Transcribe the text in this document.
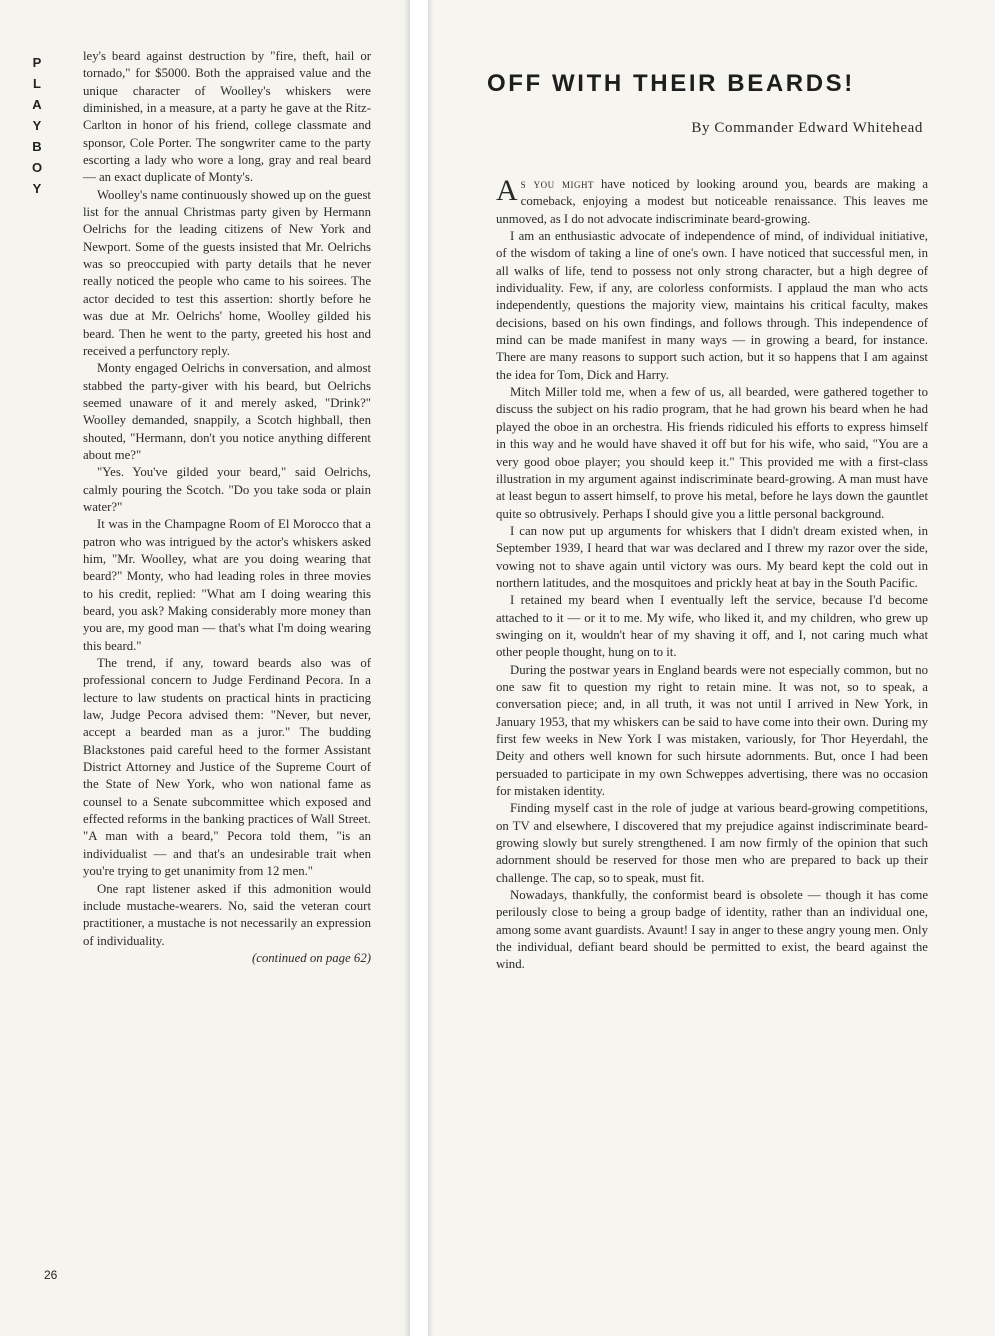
P
L
A
Y
B
O
Y

ley's beard against destruction by "fire, theft, hail or tornado," for $5000. Both the appraised value and the unique character of Woolley's whiskers were diminished, in a measure, at a party he gave at the Ritz-Carlton in honor of his friend, college classmate and sponsor, Cole Porter. The songwriter came to the party escorting a lady who wore a long, gray and real beard — an exact duplicate of Monty's.

Woolley's name continuously showed up on the guest list for the annual Christmas party given by Hermann Oelrichs for the leading citizens of New York and Newport. Some of the guests insisted that Mr. Oelrichs was so preoccupied with party details that he never really noticed the people who came to his soirees. The actor decided to test this assertion: shortly before he was due at Mr. Oelrichs' home, Woolley gilded his beard. Then he went to the party, greeted his host and received a perfunctory reply.

Monty engaged Oelrichs in conversation, and almost stabbed the party-giver with his beard, but Oelrichs seemed unaware of it and merely asked, "Drink?" Woolley demanded, snappily, a Scotch highball, then shouted, "Hermann, don't you notice anything different about me?"

"Yes. You've gilded your beard," said Oelrichs, calmly pouring the Scotch. "Do you take soda or plain water?"

It was in the Champagne Room of El Morocco that a patron who was intrigued by the actor's whiskers asked him, "Mr. Woolley, what are you doing wearing that beard?" Monty, who had leading roles in three movies to his credit, replied: "What am I doing wearing this beard, you ask? Making considerably more money than you are, my good man — that's what I'm doing wearing this beard."

The trend, if any, toward beards also was of professional concern to Judge Ferdinand Pecora. In a lecture to law students on practical hints in practicing law, Judge Pecora advised them: "Never, but never, accept a bearded man as a juror." The budding Blackstones paid careful heed to the former Assistant District Attorney and Justice of the Supreme Court of the State of New York, who won national fame as counsel to a Senate subcommittee which exposed and effected reforms in the banking practices of Wall Street. "A man with a beard," Pecora told them, "is an individualist — and that's an undesirable trait when you're trying to get unanimity from 12 men."

One rapt listener asked if this admonition would include mustache-wearers. No, said the veteran court practitioner, a mustache is not necessarily an expression of individuality.

(continued on page 62)

26
OFF WITH THEIR BEARDS!
By Commander Edward Whitehead

As you might have noticed by looking around you, beards are making a comeback, enjoying a modest but noticeable renaissance. This leaves me unmoved, as I do not advocate indiscriminate beard-growing.

I am an enthusiastic advocate of independence of mind, of individual initiative, of the wisdom of taking a line of one's own. I have noticed that successful men, in all walks of life, tend to possess not only strong character, but a high degree of individuality. Few, if any, are colorless conformists. I applaud the man who acts independently, questions the majority view, maintains his critical faculty, makes decisions, based on his own findings, and follows through. This independence of mind can be made manifest in many ways — in growing a beard, for instance. There are many reasons to support such action, but it so happens that I am against the idea for Tom, Dick and Harry.

Mitch Miller told me, when a few of us, all bearded, were gathered together to discuss the subject on his radio program, that he had grown his beard when he had played the oboe in an orchestra. His friends ridiculed his efforts to express himself in this way and he would have shaved it off but for his wife, who said, "You are a very good oboe player; you should keep it." This provided me with a first-class illustration in my argument against indiscriminate beard-growing. A man must have at least begun to assert himself, to prove his metal, before he lays down the gauntlet quite so obtrusively. Perhaps I should give you a little personal background.

I can now put up arguments for whiskers that I didn't dream existed when, in September 1939, I heard that war was declared and I threw my razor over the side, vowing not to shave again until victory was ours. My beard kept the cold out in northern latitudes, and the mosquitoes and prickly heat at bay in the South Pacific.

I retained my beard when I eventually left the service, because I'd become attached to it — or it to me. My wife, who liked it, and my children, who grew up swinging on it, wouldn't hear of my shaving it off, and I, not caring much what other people thought, hung on to it.

During the postwar years in England beards were not especially common, but no one saw fit to question my right to retain mine. It was not, so to speak, a conversation piece; and, in all truth, it was not until I arrived in New York, in January 1953, that my whiskers can be said to have come into their own. During my first few weeks in New York I was mistaken, variously, for Thor Heyerdahl, the Deity and others well known for such hirsute adornments. But, once I had been persuaded to participate in my own Schweppes advertising, there was no occasion for mistaken identity.

Finding myself cast in the role of judge at various beard-growing competitions, on TV and elsewhere, I discovered that my prejudice against indiscriminate beard-growing slowly but surely strengthened. I am now firmly of the opinion that such adornment should be reserved for those men who are prepared to back up their challenge. The cap, so to speak, must fit.

Nowadays, thankfully, the conformist beard is obsolete — though it has come perilously close to being a group badge of identity, rather than an individual one, among some avant guardists. Avaunt! I say in anger to these angry young men. Only the individual, defiant beard should be permitted to exist, the beard against the wind.
